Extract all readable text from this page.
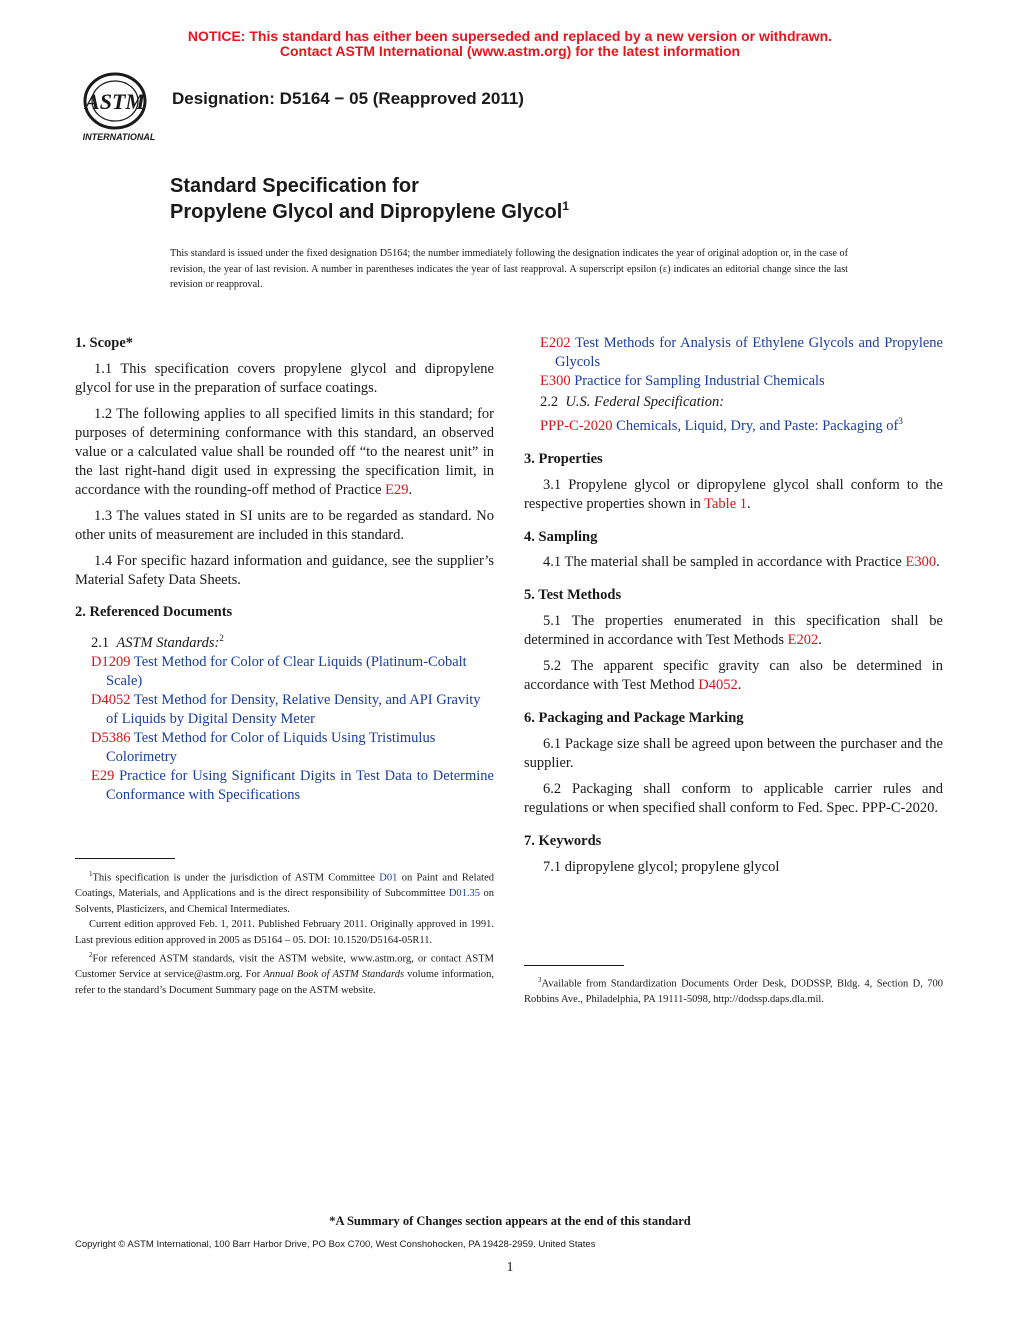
NOTICE: This standard has either been superseded and replaced by a new version or withdrawn.
Contact ASTM International (www.astm.org) for the latest information
ASTM
INTERNATIONAL
Designation: D5164 − 05 (Reapproved 2011)
Standard Specification for
Propylene Glycol and Dipropylene Glycol$^1$
This standard is issued under the fixed designation D5164; the number immediately following the designation indicates the year of original adoption or, in the case of revision, the year of last revision. A number in parentheses indicates the year of last reapproval. A superscript epsilon (ε) indicates an editorial change since the last revision or reapproval.
1. Scope*
1.1 This specification covers propylene glycol and dipropylene glycol for use in the preparation of surface coatings.
1.2 The following applies to all specified limits in this standard; for purposes of determining conformance with this standard, an observed value or a calculated value shall be rounded off “to the nearest unit” in the last right-hand digit used in expressing the specification limit, in accordance with the rounding-off method of Practice E29.
1.3 The values stated in SI units are to be regarded as standard. No other units of measurement are included in this standard.
1.4 For specific hazard information and guidance, see the supplier’s Material Safety Data Sheets.
2. Referenced Documents
2.1 ASTM Standards:$^2$
D1209 Test Method for Color of Clear Liquids (Platinum-Cobalt Scale)
D4052 Test Method for Density, Relative Density, and API Gravity of Liquids by Digital Density Meter
D5386 Test Method for Color of Liquids Using Tristimulus Colorimetry
E29 Practice for Using Significant Digits in Test Data to Determine Conformance with Specifications
$^1$This specification is under the jurisdiction of ASTM Committee D01 on Paint and Related Coatings, Materials, and Applications and is the direct responsibility of Subcommittee D01.35 on Solvents, Plasticizers, and Chemical Intermediates.
Current edition approved Feb. 1, 2011. Published February 2011. Originally approved in 1991. Last previous edition approved in 2005 as D5164 – 05. DOI: 10.1520/D5164-05R11.
$^2$For referenced ASTM standards, visit the ASTM website, www.astm.org, or contact ASTM Customer Service at service@astm.org. For Annual Book of ASTM Standards volume information, refer to the standard’s Document Summary page on the ASTM website.
E202 Test Methods for Analysis of Ethylene Glycols and Propylene Glycols
E300 Practice for Sampling Industrial Chemicals
2.2 U.S. Federal Specification:
PPP-C-2020 Chemicals, Liquid, Dry, and Paste: Packaging $of^3$
3. Properties
3.1 Propylene glycol or dipropylene glycol shall conform to the respective properties shown in Table 1.
4. Sampling
4.1 The material shall be sampled in accordance with Practice E300.
5. Test Methods
5.1 The properties enumerated in this specification shall be determined in accordance with Test Methods E202.
5.2 The apparent specific gravity can also be determined in accordance with Test Method D4052.
6. Packaging and Package Marking
6.1 Package size shall be agreed upon between the purchaser and the supplier.
6.2 Packaging shall conform to applicable carrier rules and regulations or when specified shall conform to Fed. Spec. PPP-C-2020.
7. Keywords
7.1 dipropylene glycol; propylene glycol
$^3$Available from Standardization Documents Order Desk, DODSSP, Bldg. 4, Section D, 700 Robbins Ave., Philadelphia, PA 19111-5098, http://dodssp.daps.dla.mil.
*A Summary of Changes section appears at the end of this standard
Copyright © ASTM International, 100 Barr Harbor Drive, PO Box C700, West Conshohocken, PA 19428-2959. United States
1
